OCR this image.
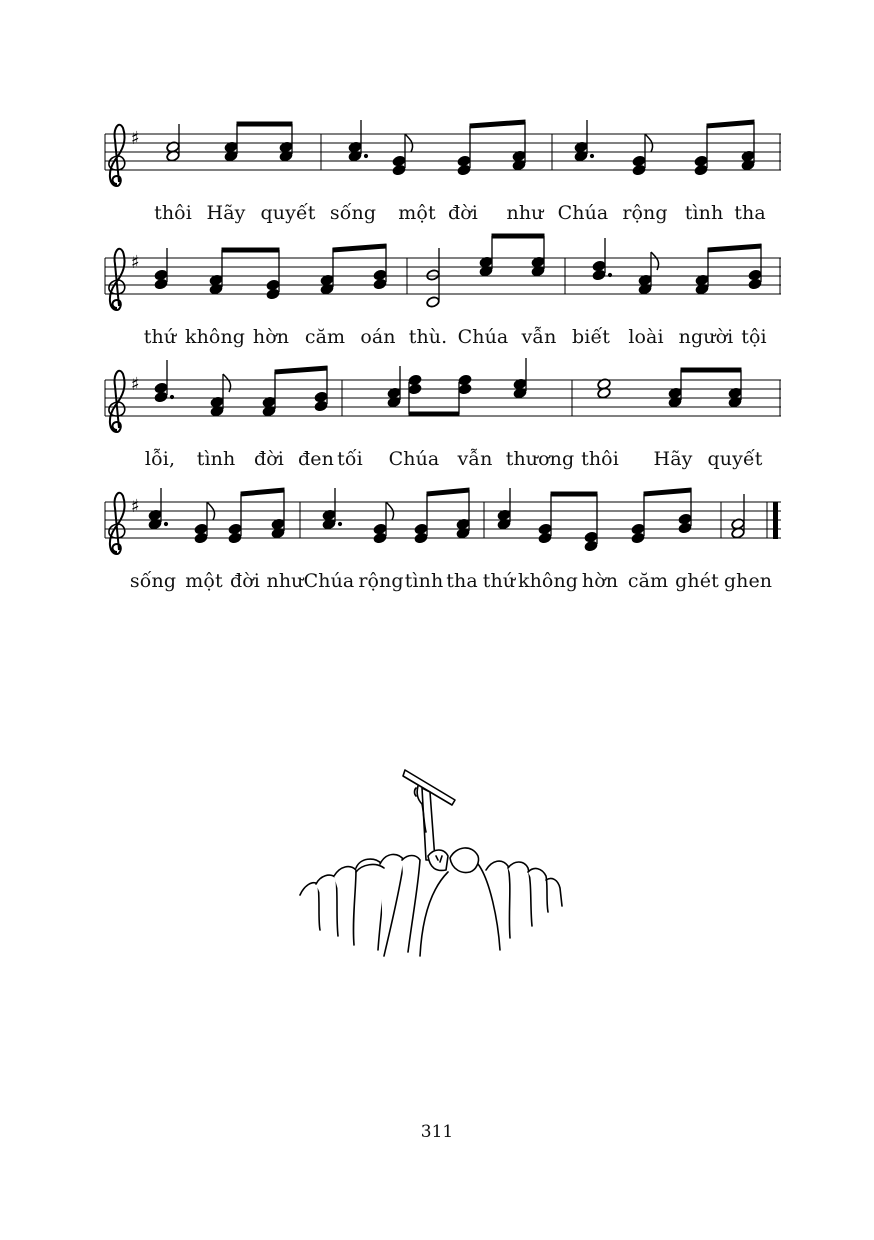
♯
thôi Hãy quyết sống một đời như Chúa rộng tình tha
♯
thứ không hờn căm oán thù. Chúa vẫn biết loài người tội
♯
lỗi, tình đời đen tối Chúa vẫn thương thôi Hãy quyết
♯
sống một đời như Chúa rộng tình tha thứ không hờn căm ghét ghen
311
